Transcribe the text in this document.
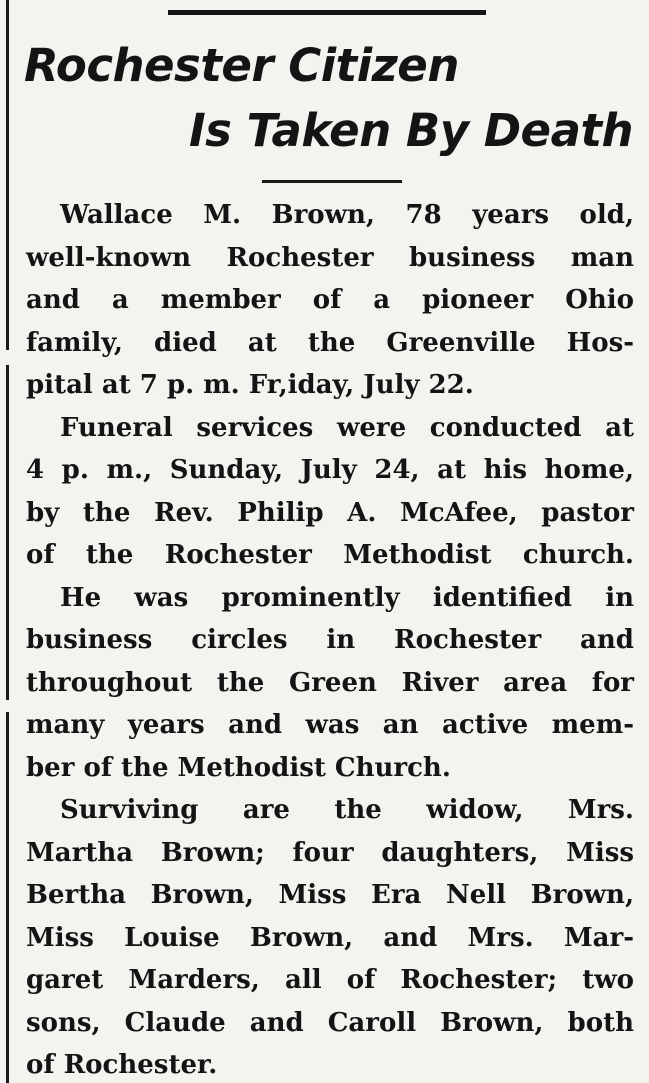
Rochester Citizen
Is Taken By Death
Wallace M. Brown, 78 years old,
well-known Rochester business man
and a member of a pioneer Ohio
family, died at the Greenville Hos-
pital at 7 p. m. Fr,iday, July 22.
Funeral services were conducted at
4 p. m., Sunday, July 24, at his home,
by the Rev. Philip A. McAfee, pastor
of the Rochester Methodist church.
He was prominently identified in
business circles in Rochester and
throughout the Green River area for
many years and was an active mem-
ber of the Methodist Church.
Surviving are the widow, Mrs.
Martha Brown; four daughters, Miss
Bertha Brown, Miss Era Nell Brown,
Miss Louise Brown, and Mrs. Mar-
garet Marders, all of Rochester; two
sons, Claude and Caroll Brown, both
of Rochester.
